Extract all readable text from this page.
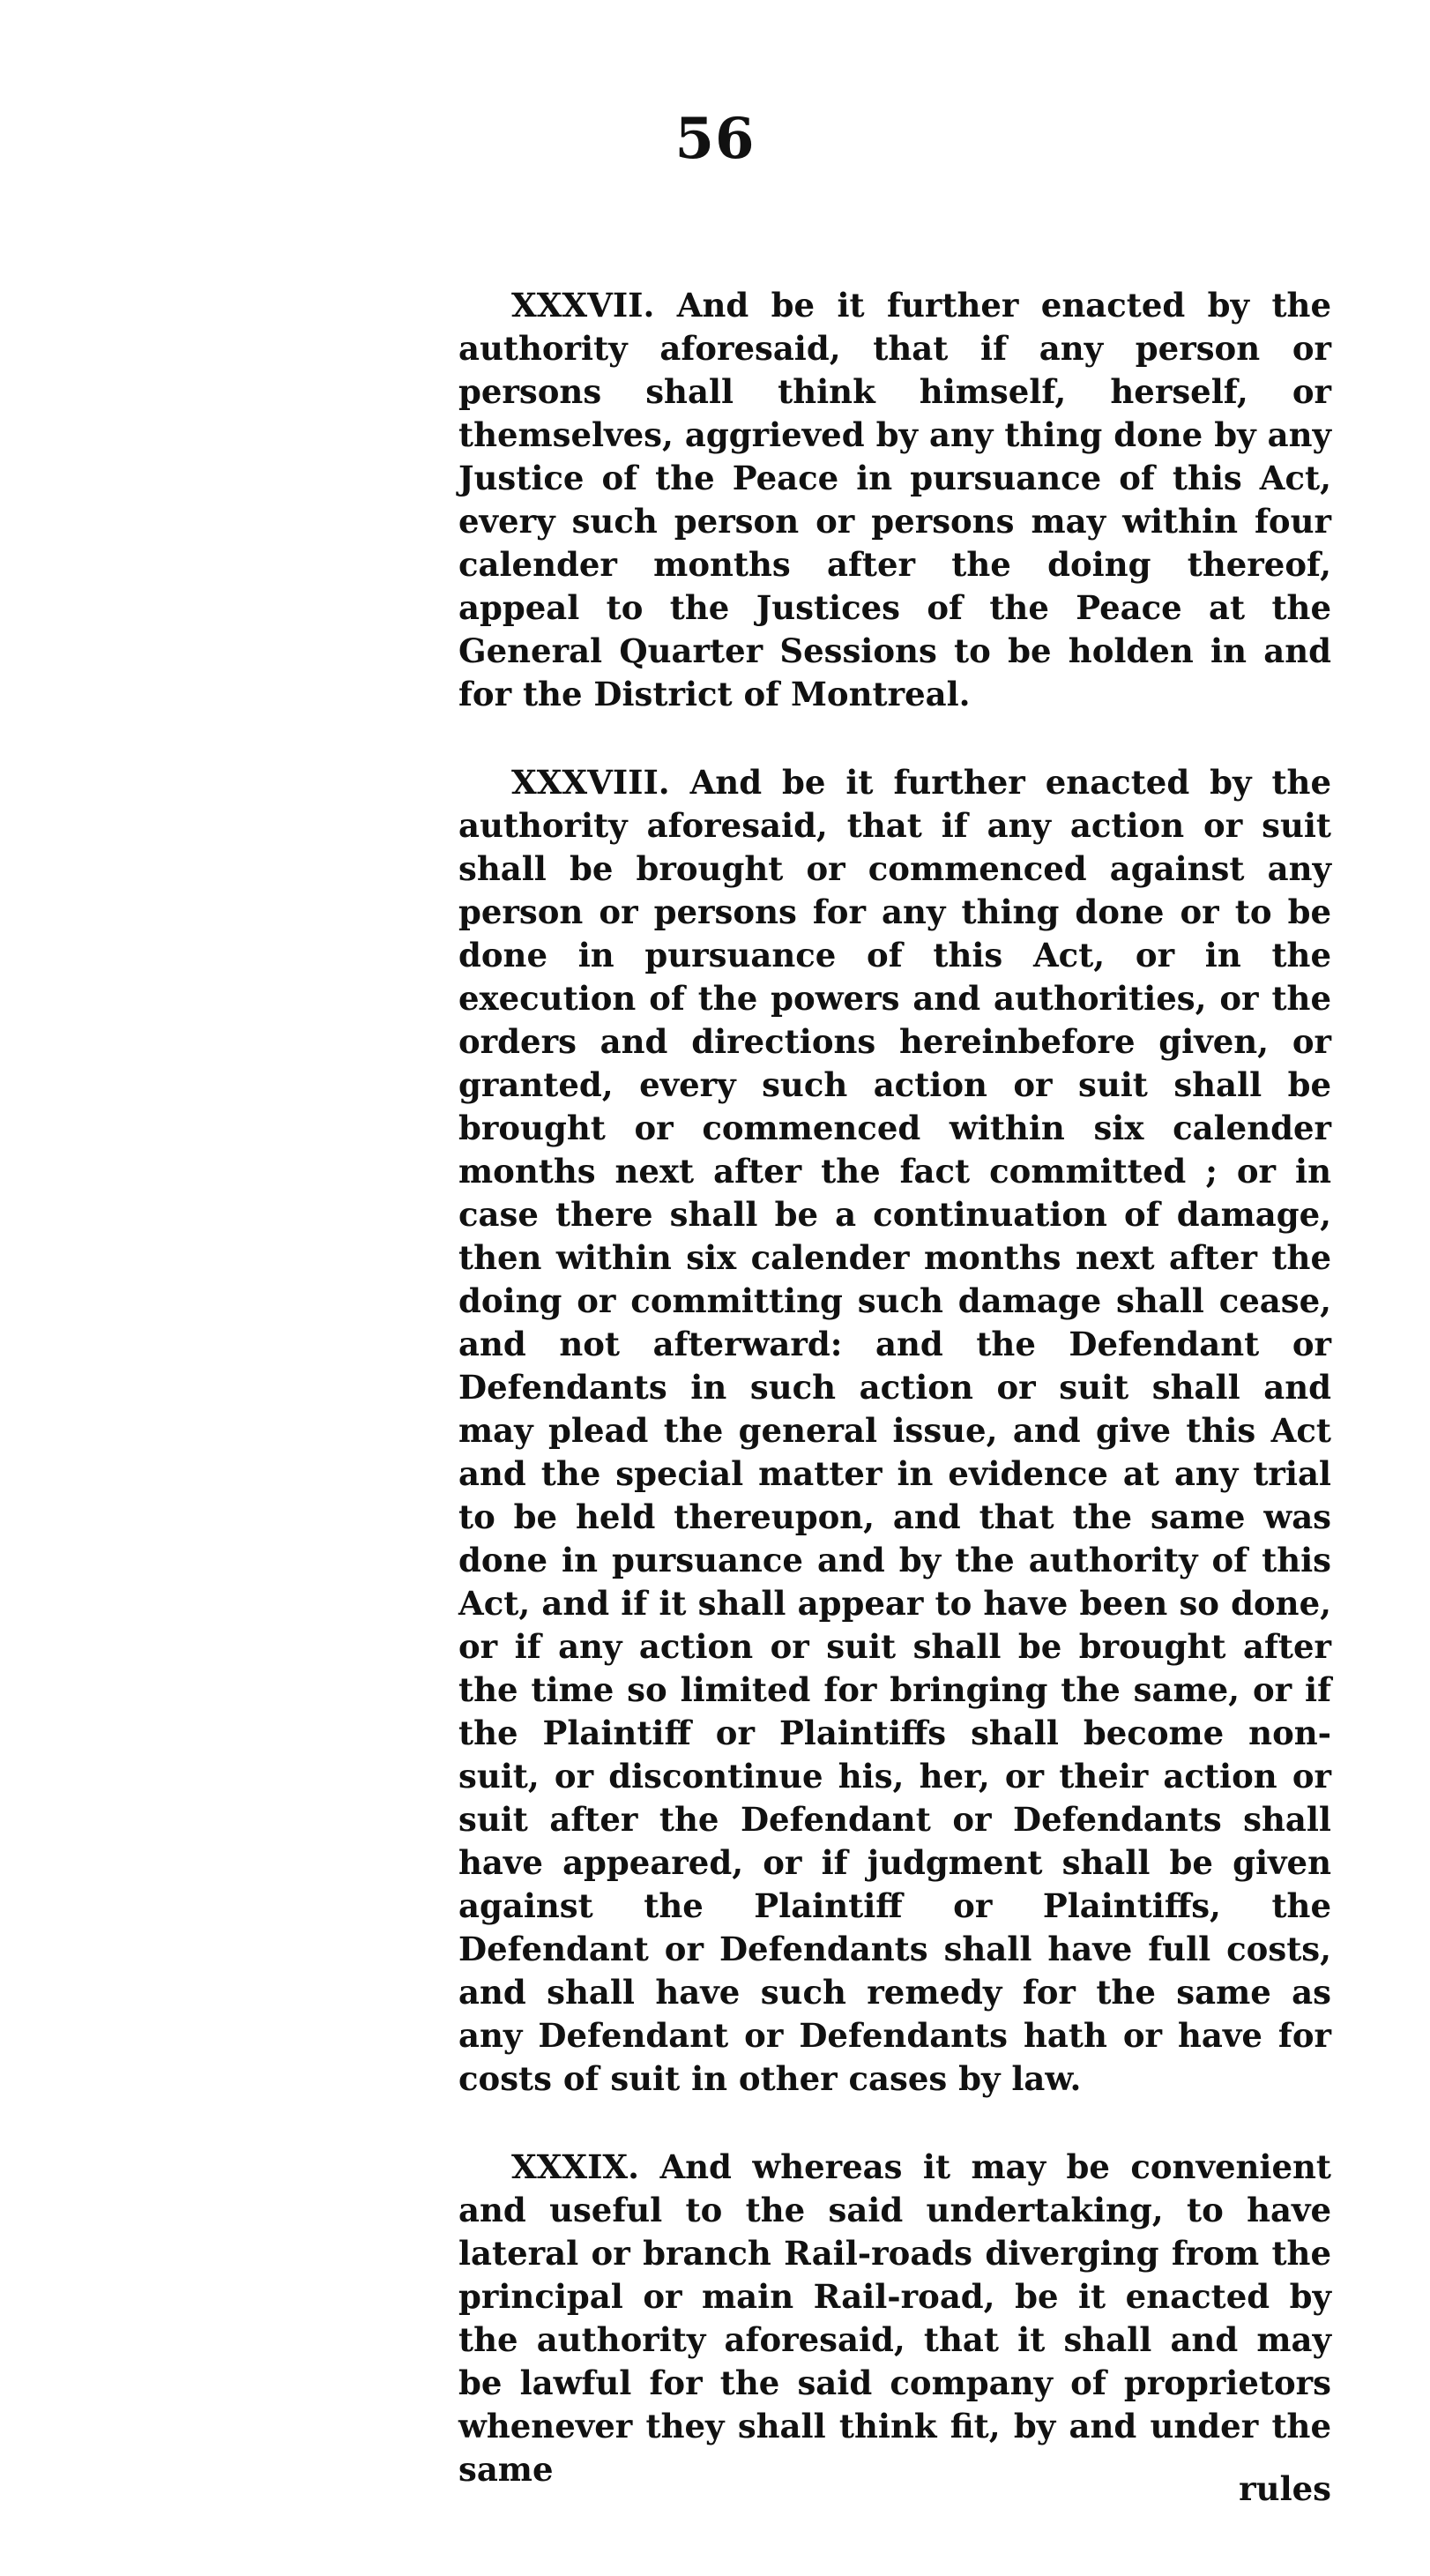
56

XXXVII. And be it further enacted by the authority aforesaid, that if any person or persons shall think himself, herself, or themselves, aggrieved by any thing done by any Justice of the Peace in pursuance of this Act, every such person or persons may within four calender months after the doing thereof, appeal to the Justices of the Peace at the General Quarter Sessions to be holden in and for the District of Montreal.

XXXVIII. And be it further enacted by the authority aforesaid, that if any action or suit shall be brought or commenced against any person or persons for any thing done or to be done in pursuance of this Act, or in the execution of the powers and authorities, or the orders and directions hereinbefore given, or granted, every such action or suit shall be brought or commenced within six calender months next after the fact committed ; or in case there shall be a continuation of damage, then within six calender months next after the doing or committing such damage shall cease, and not afterward: and the Defendant or Defendants in such action or suit shall and may plead the general issue, and give this Act and the special matter in evidence at any trial to be held thereupon, and that the same was done in pursuance and by the authority of this Act, and if it shall appear to have been so done, or if any action or suit shall be brought after the time so limited for bringing the same, or if the Plaintiff or Plaintiffs shall become non-suit, or discontinue his, her, or their action or suit after the Defendant or Defendants shall have appeared, or if judgment shall be given against the Plaintiff or Plaintiffs, the Defendant or Defendants shall have full costs, and shall have such remedy for the same as any Defendant or Defendants hath or have for costs of suit in other cases by law.

XXXIX. And whereas it may be convenient and useful to the said undertaking, to have lateral or branch Rail-roads diverging from the principal or main Rail-road, be it enacted by the authority aforesaid, that it shall and may be lawful for the said company of proprietors whenever they shall think fit, by and under the same	rules
